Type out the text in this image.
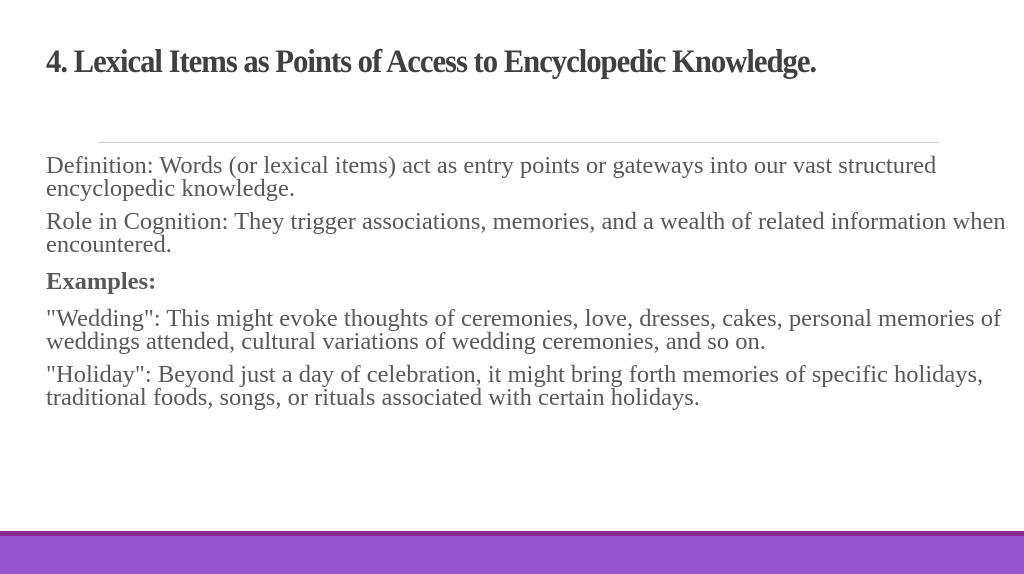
4. Lexical Items as Points of Access to Encyclopedic Knowledge.

Definition: Words (or lexical items) act as entry points or gateways into our vast structured encyclopedic knowledge.

Role in Cognition: They trigger associations, memories, and a wealth of related information when encountered.

Examples:

"Wedding": This might evoke thoughts of ceremonies, love, dresses, cakes, personal memories of weddings attended, cultural variations of wedding ceremonies, and so on.

"Holiday": Beyond just a day of celebration, it might bring forth memories of specific holidays, traditional foods, songs, or rituals associated with certain holidays.
